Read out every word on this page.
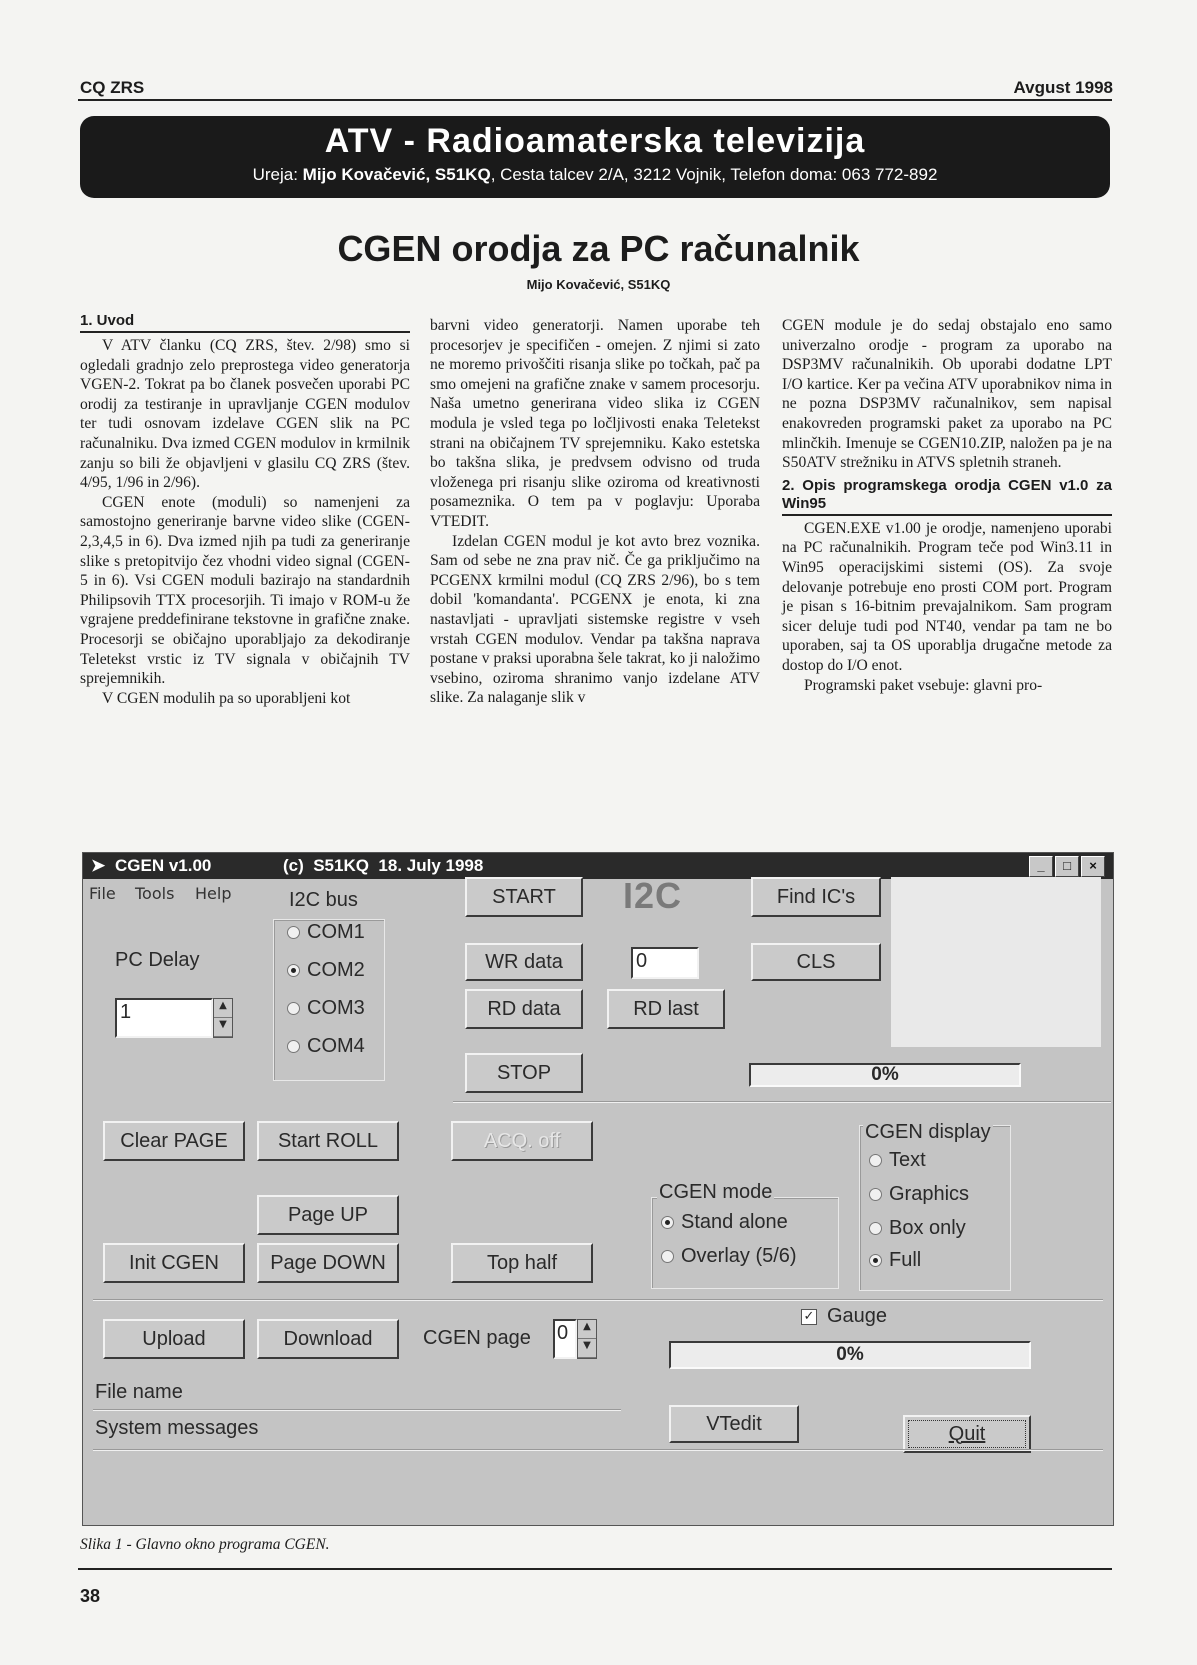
CQ ZRS	Avgust 1998
ATV - Radioamaterska televizija
Ureja: Mijo Kovačević, S51KQ, Cesta talcev 2/A, 3212 Vojnik, Telefon doma: 063 772-892
CGEN orodja za PC računalnik
Mijo Kovačević, S51KQ
1. Uvod

V ATV članku (CQ ZRS, štev. 2/98) smo si ogledali gradnjo zelo preprostega video generatorja VGEN-2. Tokrat pa bo članek posvečen uporabi PC orodij za testiranje in upravljanje CGEN modulov ter tudi osnovam izdelave CGEN slik na PC računalniku. Dva izmed CGEN modulov in krmilnik zanju so bili že objavljeni v glasilu CQ ZRS (štev. 4/95, 1/96 in 2/96).

CGEN enote (moduli) so namenjeni za samostojno generiranje barvne video slike (CGEN-2,3,4,5 in 6). Dva izmed njih pa tudi za generiranje slike s pretopitvijo čez vhodni video signal (CGEN-5 in 6). Vsi CGEN moduli bazirajo na standardnih Philipsovih TTX procesorjih. Ti imajo v ROM-u že vgrajene preddefinirane tekstovne in grafične znake. Procesorji se običajno uporabljajo za dekodiranje Teletekst vrstic iz TV signala v običajnih TV sprejemnikih.

V CGEN modulih pa so uporabljeni kot

barvni video generatorji. Namen uporabe teh procesorjev je specifičen - omejen. Z njimi si zato ne moremo privoščiti risanja slike po točkah, pač pa smo omejeni na grafične znake v samem procesorju. Naša umetno generirana video slika iz CGEN modula je vsled tega po ločljivosti enaka Teletekst strani na običajnem TV sprejemniku. Kako estetska bo takšna slika, je predvsem odvisno od truda vloženega pri risanju slike oziroma od kreativnosti posameznika. O tem pa v poglavju: Uporaba VTEDIT.

Izdelan CGEN modul je kot avto brez voznika. Sam od sebe ne zna prav nič. Če ga priključimo na PCGENX krmilni modul (CQ ZRS 2/96), bo s tem dobil 'komandanta'. PCGENX je enota, ki zna nastavljati - upravljati sistemske registre v vseh vrstah CGEN modulov. Vendar pa takšna naprava postane v praksi uporabna šele takrat, ko ji naložimo vsebino, oziroma shranimo vanjo izdelane ATV slike. Za nalaganje slik v

CGEN module je do sedaj obstajalo eno samo univerzalno orodje - program za uporabo na DSP3MV računalnikih. Ob uporabi dodatne LPT I/O kartice. Ker pa večina ATV uporabnikov nima in ne pozna DSP3MV računalnikov, sem napisal enakovreden programski paket za uporabo na PC mlinčkih. Imenuje se CGEN10.ZIP, naložen pa je na S50ATV strežniku in ATVS spletnih straneh.

2. Opis programskega orodja CGEN v1.0 za Win95

CGEN.EXE v1.00 je orodje, namenjeno uporabi na PC računalnikih. Program teče pod Win3.11 in Win95 operacijskimi sistemi (OS). Za svoje delovanje potrebuje eno prosti COM port. Program je pisan s 16-bitnim prevajalnikom. Sam program sicer deluje tudi pod NT40, vendar pa tam ne bo uporaben, saj ta OS uporablja drugačne metode za dostop do I/O enot.

Programski paket vsebuje: glavni pro-

➤ CGEN v1.00	(c)  S51KQ  18. July 1998	_	□	×
File Tools Help
PC Delay
1	▲
▼
I2C bus
COM1
COM2
COM3
COM4
START	I2C	Find IC's
WR data	0	CLS
RD data	RD last
STOP	0%
Clear PAGE	Start ROLL	ACQ. off
Page UP
Init CGEN	Page DOWN	Top half
CGEN mode
Stand alone
Overlay (5/6)
CGEN display
Text
Graphics
Box only
Full
Upload	Download	CGEN page 0	▲
▼
✓ Gauge
0%
File name
VTedit
System messages	Quit
Slika 1 - Glavno okno programa CGEN.
38
